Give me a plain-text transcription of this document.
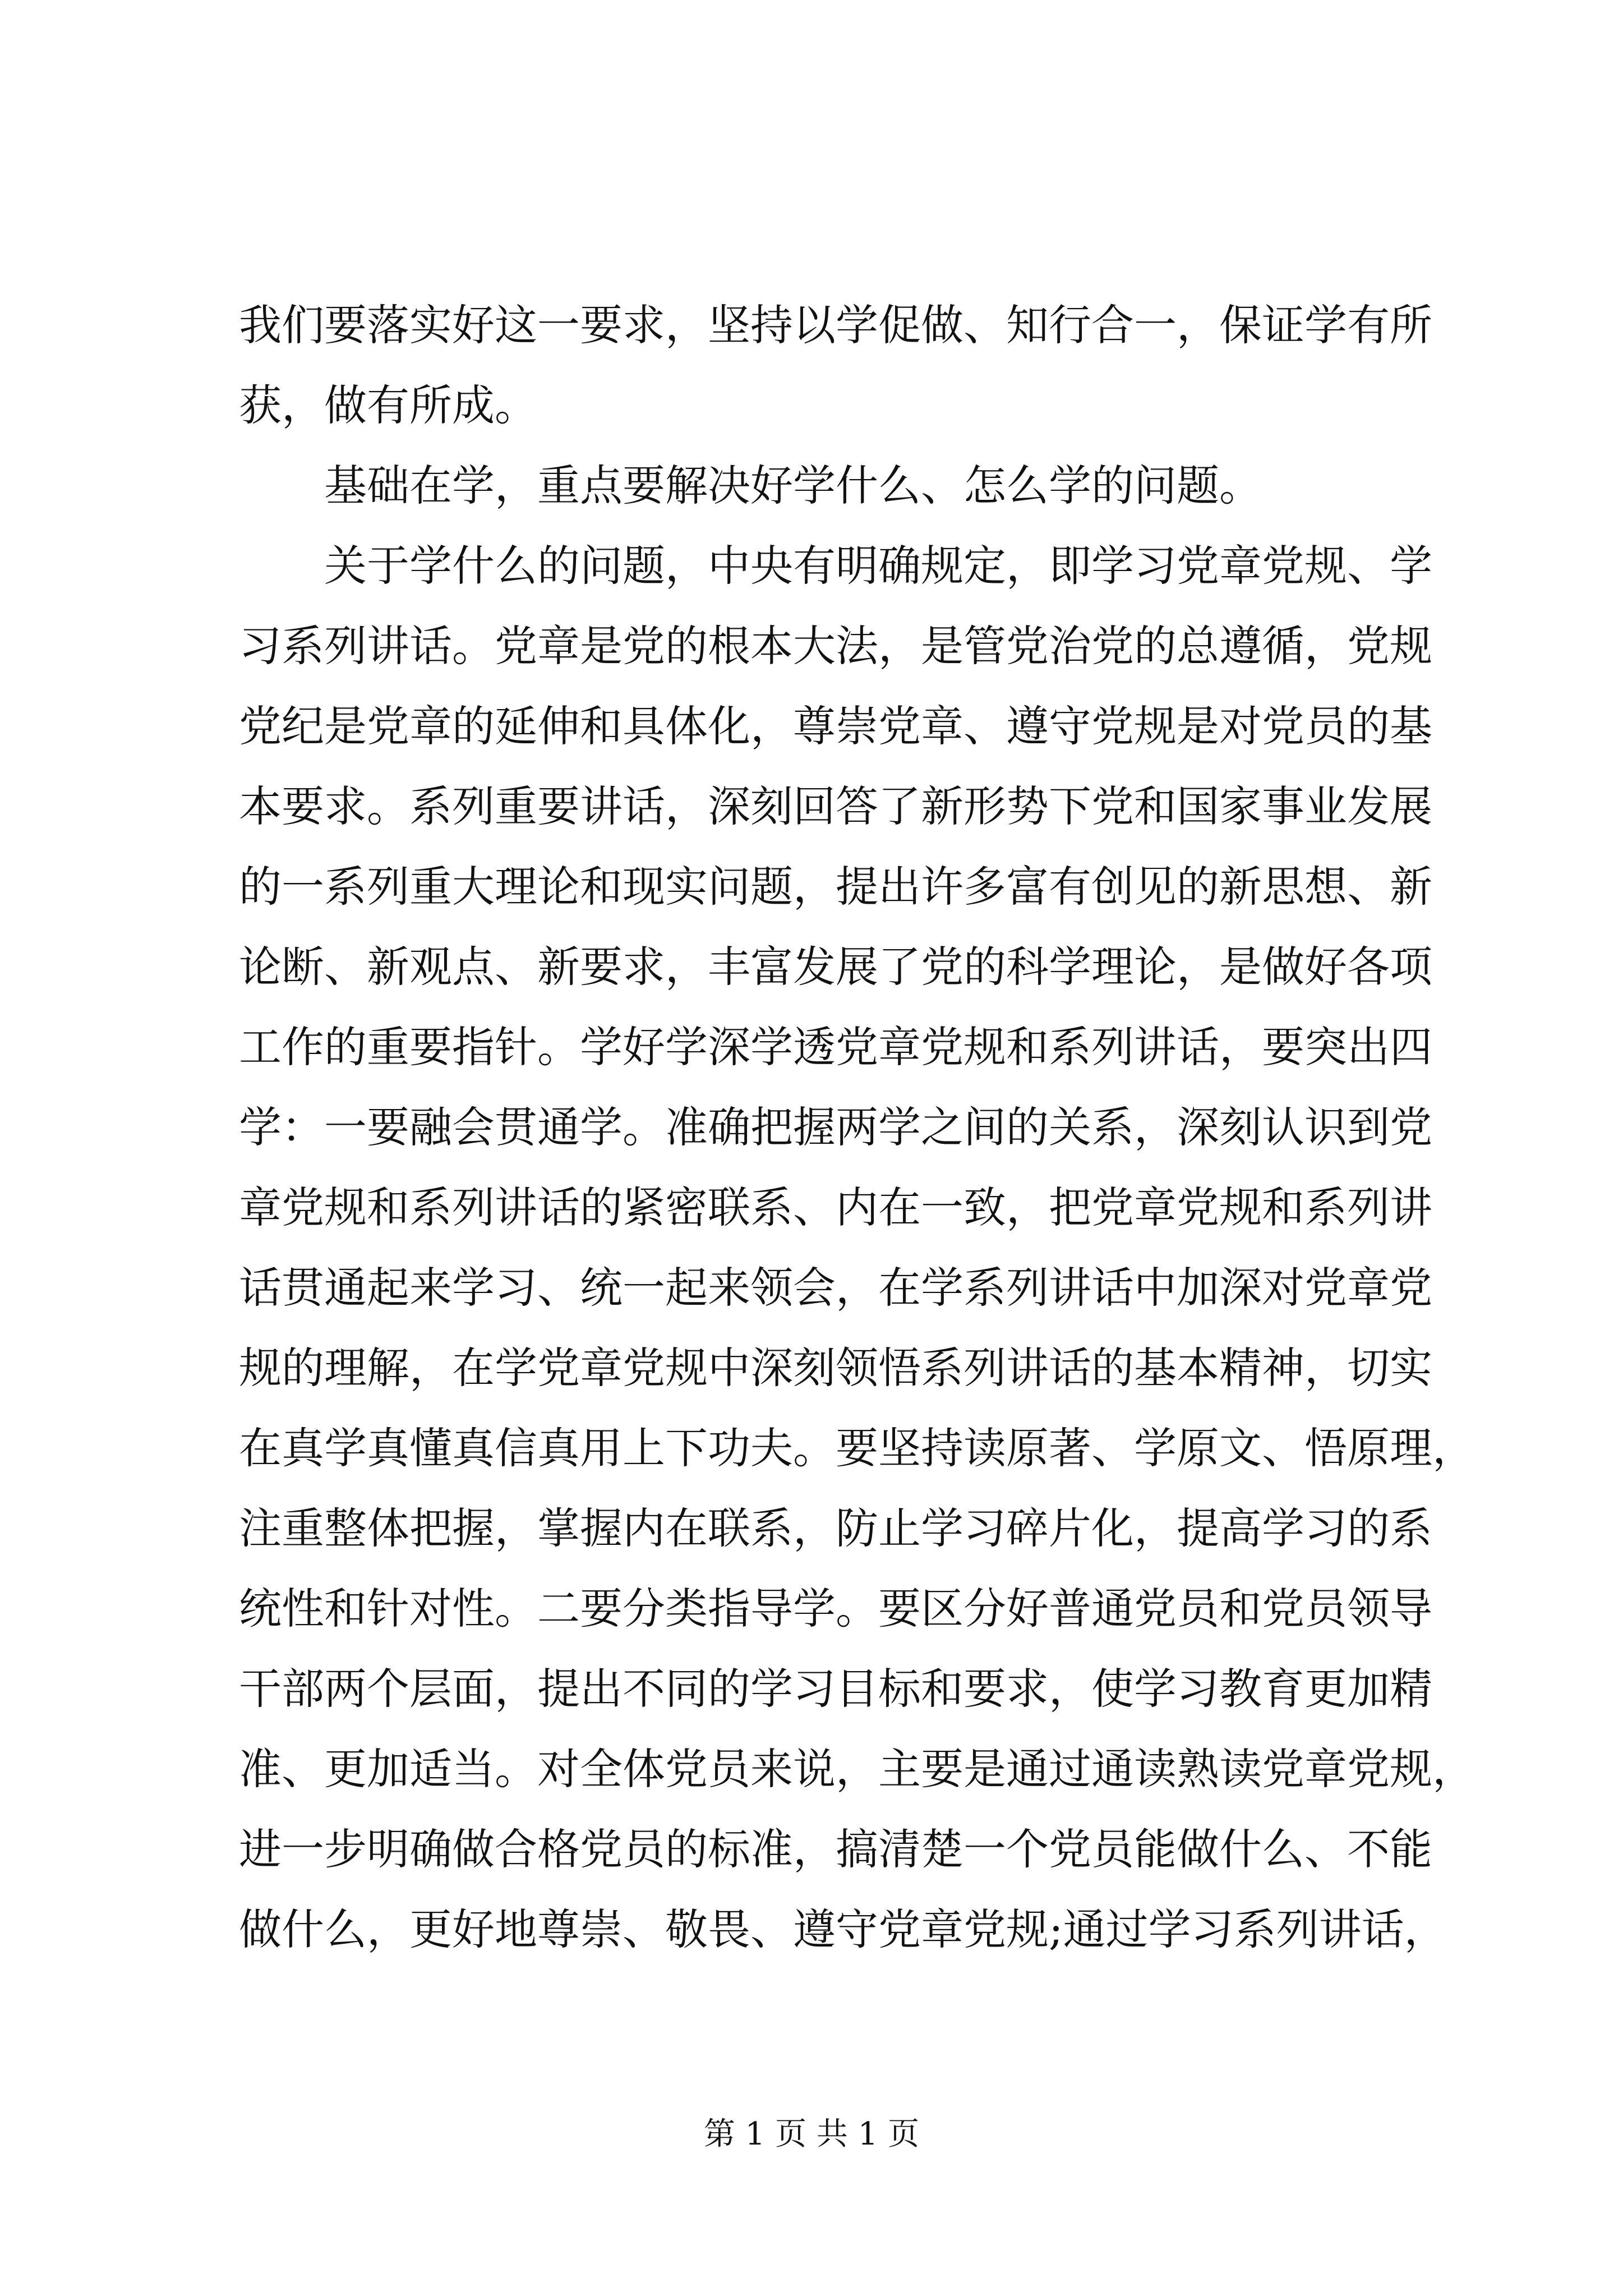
我们要落实好这一要求，坚持以学促做、知行合一，保证学有所
获，做有所成。
基础在学，重点要解决好学什么、怎么学的问题。
关于学什么的问题，中央有明确规定，即学习党章党规、学
习系列讲话。党章是党的根本大法，是管党治党的总遵循，党规
党纪是党章的延伸和具体化，尊崇党章、遵守党规是对党员的基
本要求。系列重要讲话，深刻回答了新形势下党和国家事业发展
的一系列重大理论和现实问题，提出许多富有创见的新思想、新
论断、新观点、新要求，丰富发展了党的科学理论，是做好各项
工作的重要指针。学好学深学透党章党规和系列讲话，要突出四
学：一要融会贯通学。准确把握两学之间的关系，深刻认识到党
章党规和系列讲话的紧密联系、内在一致，把党章党规和系列讲
话贯通起来学习、统一起来领会，在学系列讲话中加深对党章党
规的理解，在学党章党规中深刻领悟系列讲话的基本精神，切实
在真学真懂真信真用上下功夫。要坚持读原著、学原文、悟原理，
注重整体把握，掌握内在联系，防止学习碎片化，提高学习的系
统性和针对性。二要分类指导学。要区分好普通党员和党员领导
干部两个层面，提出不同的学习目标和要求，使学习教育更加精
准、更加适当。对全体党员来说，主要是通过通读熟读党章党规，
进一步明确做合格党员的标准，搞清楚一个党员能做什么、不能
做什么，更好地尊崇、敬畏、遵守党章党规;通过学习系列讲话，
第 1 页 共 1 页
